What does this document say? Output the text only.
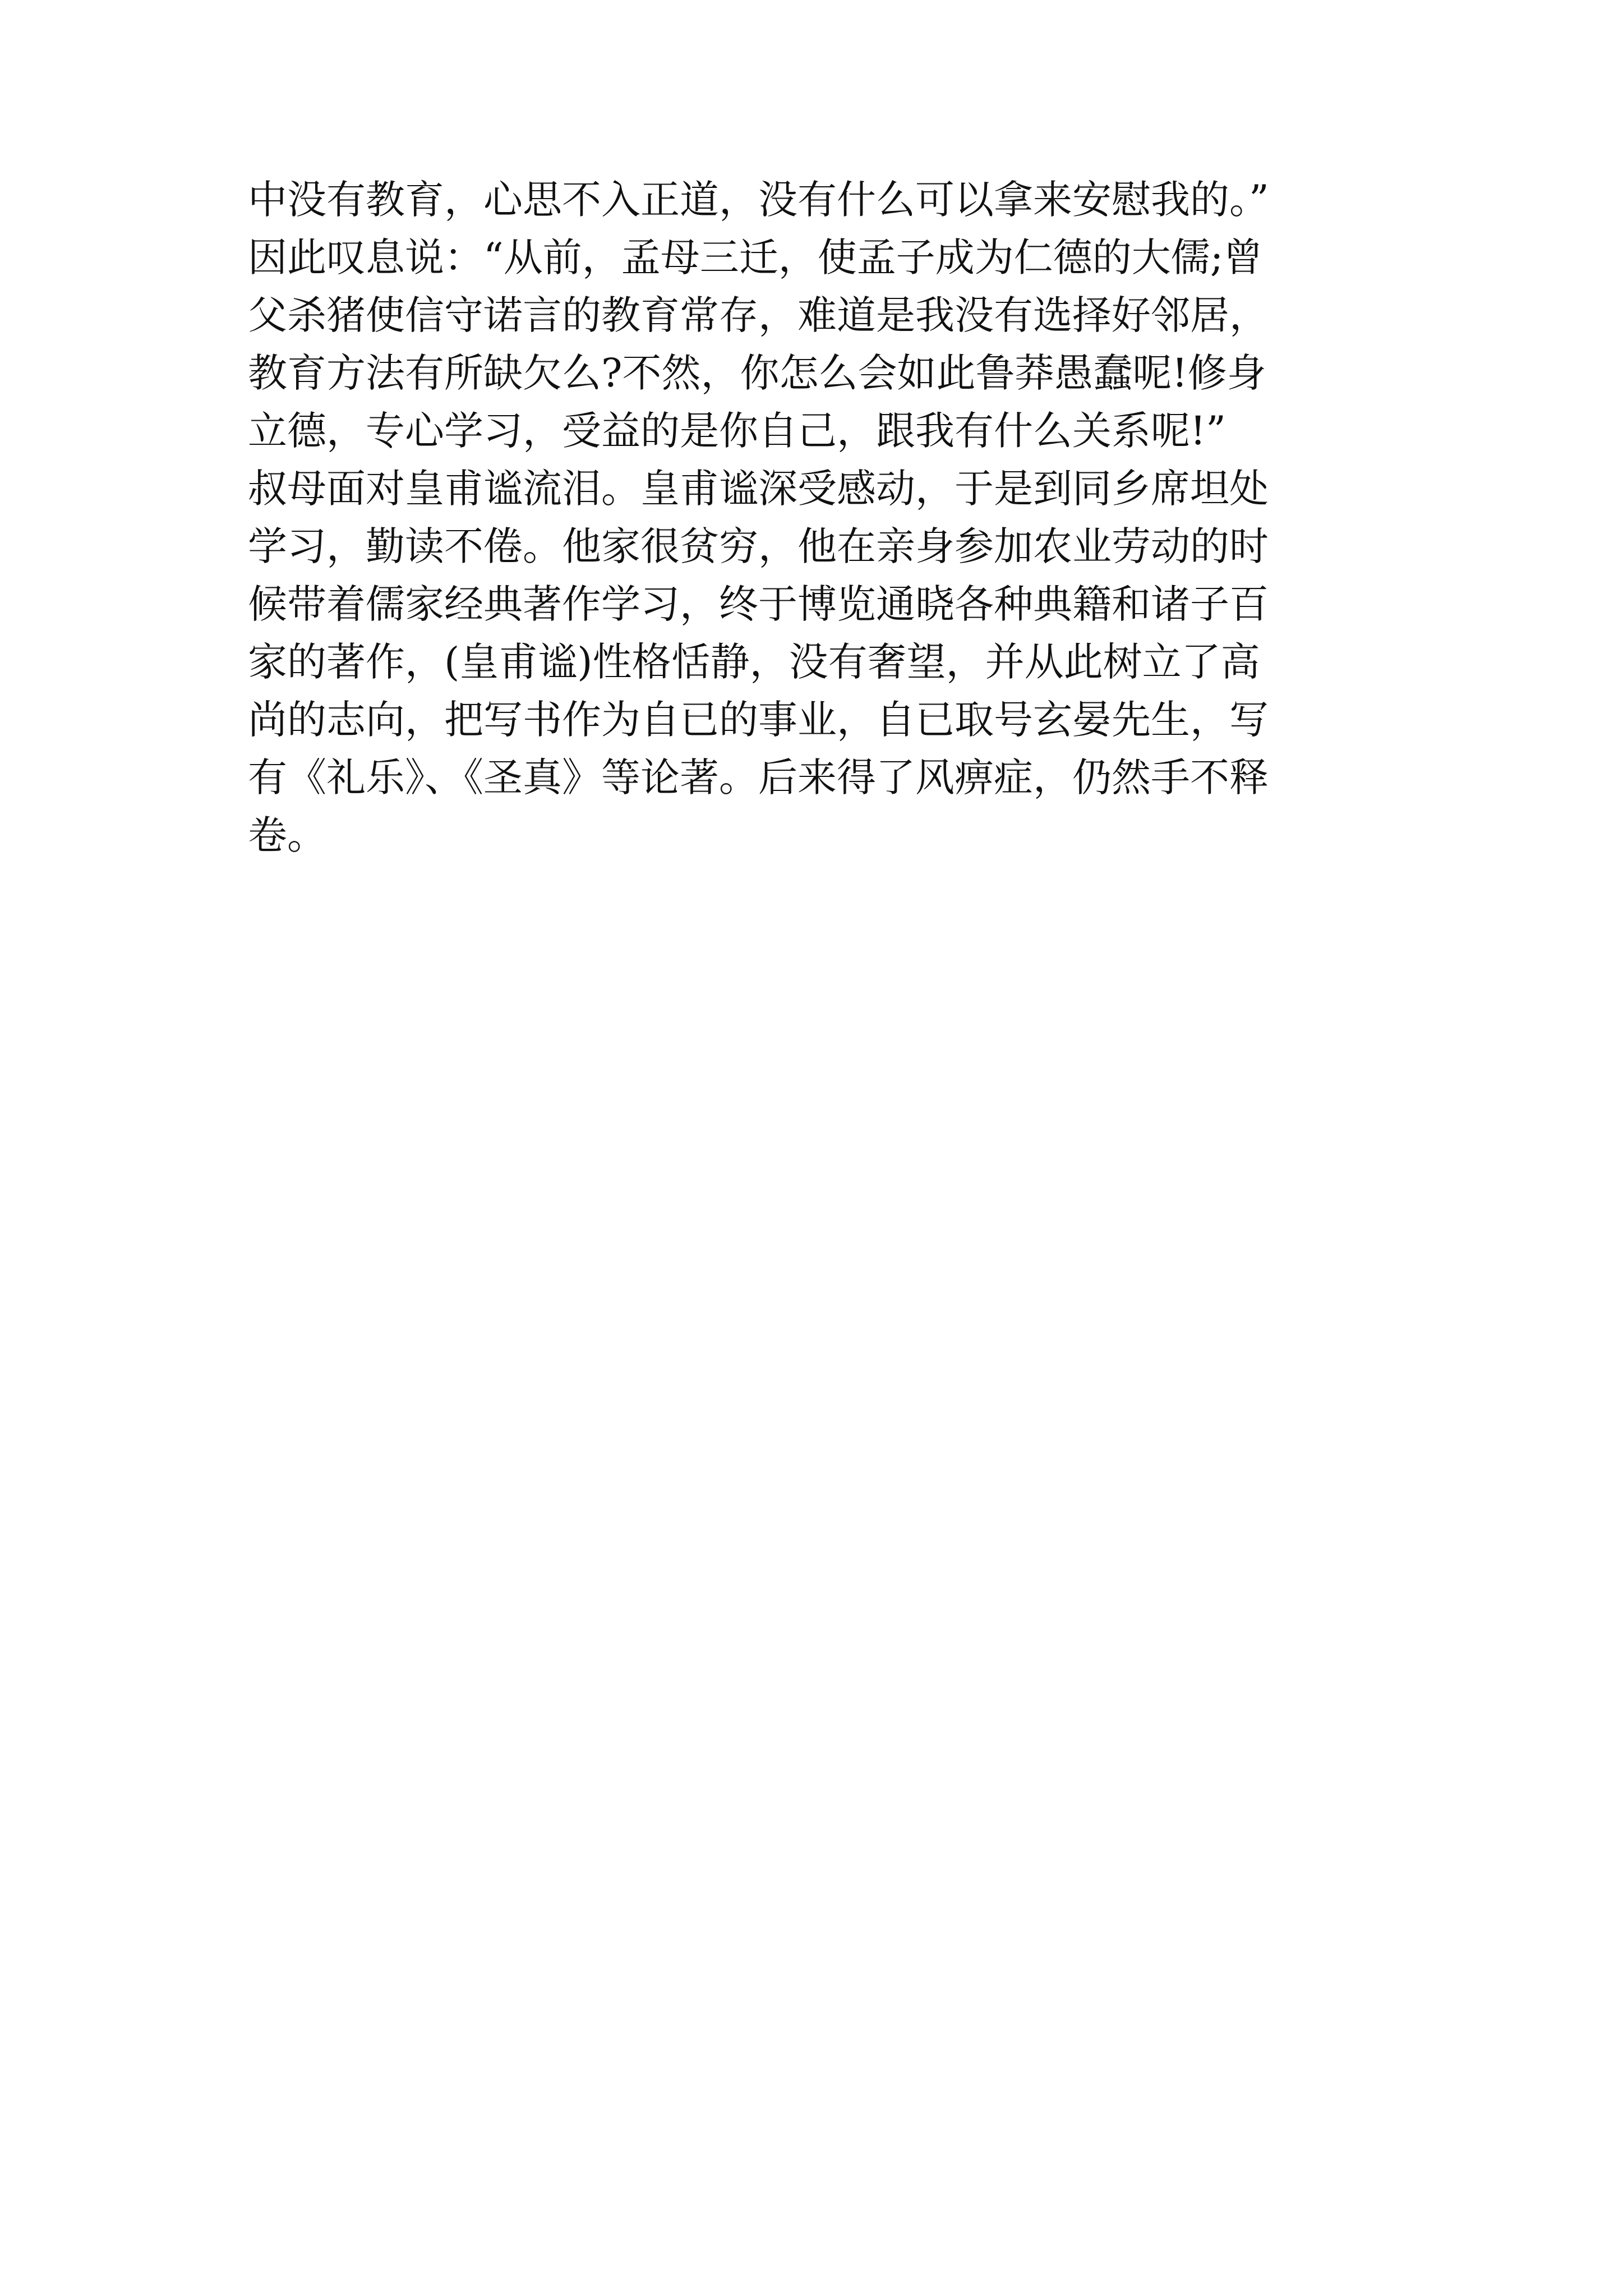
中没有教育，心思不入正道，没有什么可以拿来安慰我的。”
因此叹息说：“从前，孟母三迁，使孟子成为仁德的大儒;曾
父杀猪使信守诺言的教育常存，难道是我没有选择好邻居，
教育方法有所缺欠么?不然，你怎么会如此鲁莽愚蠢呢!修身
立德，专心学习，受益的是你自己，跟我有什么关系呢!”
叔母面对皇甫谧流泪。皇甫谧深受感动，于是到同乡席坦处
学习，勤读不倦。他家很贫穷，他在亲身参加农业劳动的时
候带着儒家经典著作学习，终于博览通晓各种典籍和诸子百
家的著作，(皇甫谧)性格恬静，没有奢望，并从此树立了高
尚的志向，把写书作为自已的事业，自已取号玄晏先生，写
有《礼乐》、《圣真》等论著。后来得了风痹症，仍然手不释
卷。
